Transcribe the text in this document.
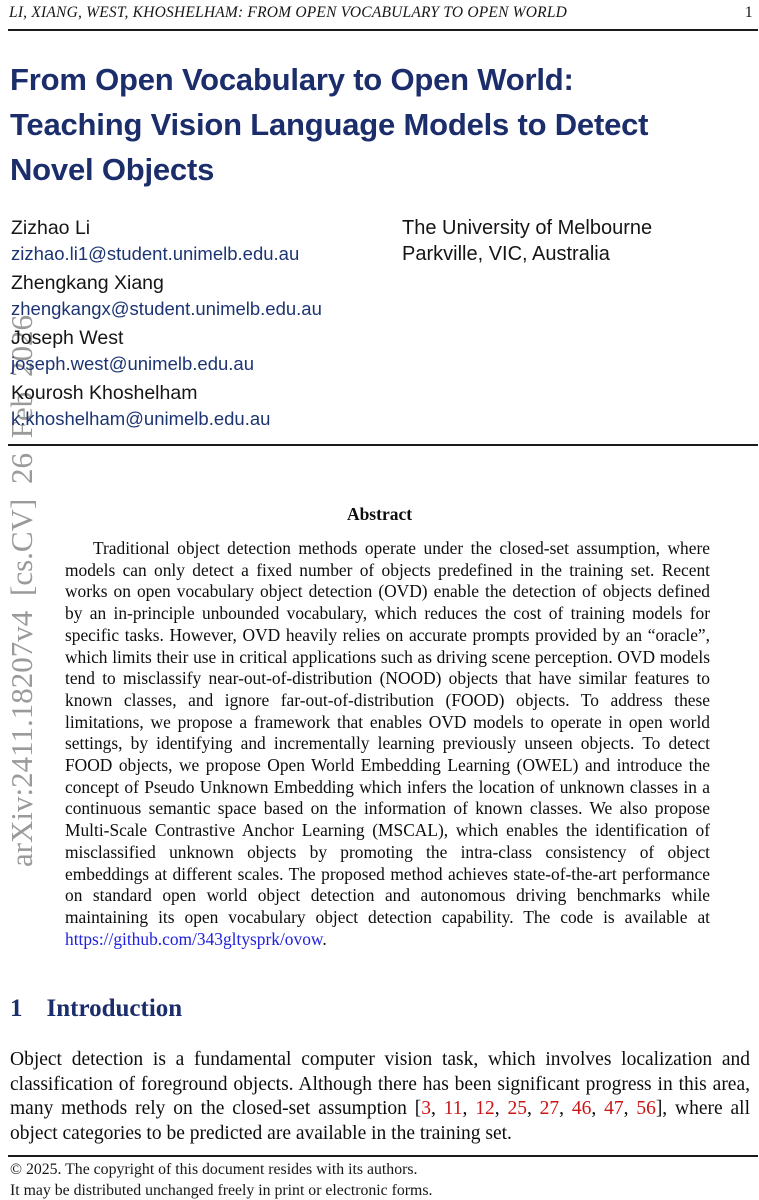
LI, XIANG, WEST, KHOSHELHAM: FROM OPEN VOCABULARY TO OPEN WORLD	1
arXiv:2411.18207v4 [cs.CV] 26 Feb 2026
From Open Vocabulary to Open World:
Teaching Vision Language Models to Detect
Novel Objects
Zizhao Li
zizhao.li1@student.unimelb.edu.au
Zhengkang Xiang
zhengkangx@student.unimelb.edu.au
Joseph West
joseph.west@unimelb.edu.au
Kourosh Khoshelham
k.khoshelham@unimelb.edu.au
The University of Melbourne
Parkville, VIC, Australia
Abstract

Traditional object detection methods operate under the closed-set assumption, where models can only detect a fixed number of objects predefined in the training set. Recent works on open vocabulary object detection (OVD) enable the detection of objects defined by an in-principle unbounded vocabulary, which reduces the cost of training models for specific tasks. However, OVD heavily relies on accurate prompts provided by an “oracle”, which limits their use in critical applications such as driving scene perception. OVD models tend to misclassify near-out-of-distribution (NOOD) objects that have similar features to known classes, and ignore far-out-of-distribution (FOOD) objects. To address these limitations, we propose a framework that enables OVD models to operate in open world settings, by identifying and incrementally learning previously unseen objects. To detect FOOD objects, we propose Open World Embedding Learning (OWEL) and introduce the concept of Pseudo Unknown Embedding which infers the location of unknown classes in a continuous semantic space based on the information of known classes. We also propose Multi-Scale Contrastive Anchor Learning (MSCAL), which enables the identification of misclassified unknown objects by promoting the intra-class consistency of object embeddings at different scales. The proposed method achieves state-of-the-art performance on standard open world object detection and autonomous driving benchmarks while maintaining its open vocabulary object detection capability. The code is available at https://github.com/343gltysprk/ovow.

1 Introduction

Object detection is a fundamental computer vision task, which involves localization and classification of foreground objects. Although there has been significant progress in this area, many methods rely on the closed-set assumption [3, 11, 12, 25, 27, 46, 47, 56], where all object categories to be predicted are available in the training set.

© 2025. The copyright of this document resides with its authors.
It may be distributed unchanged freely in print or electronic forms.
